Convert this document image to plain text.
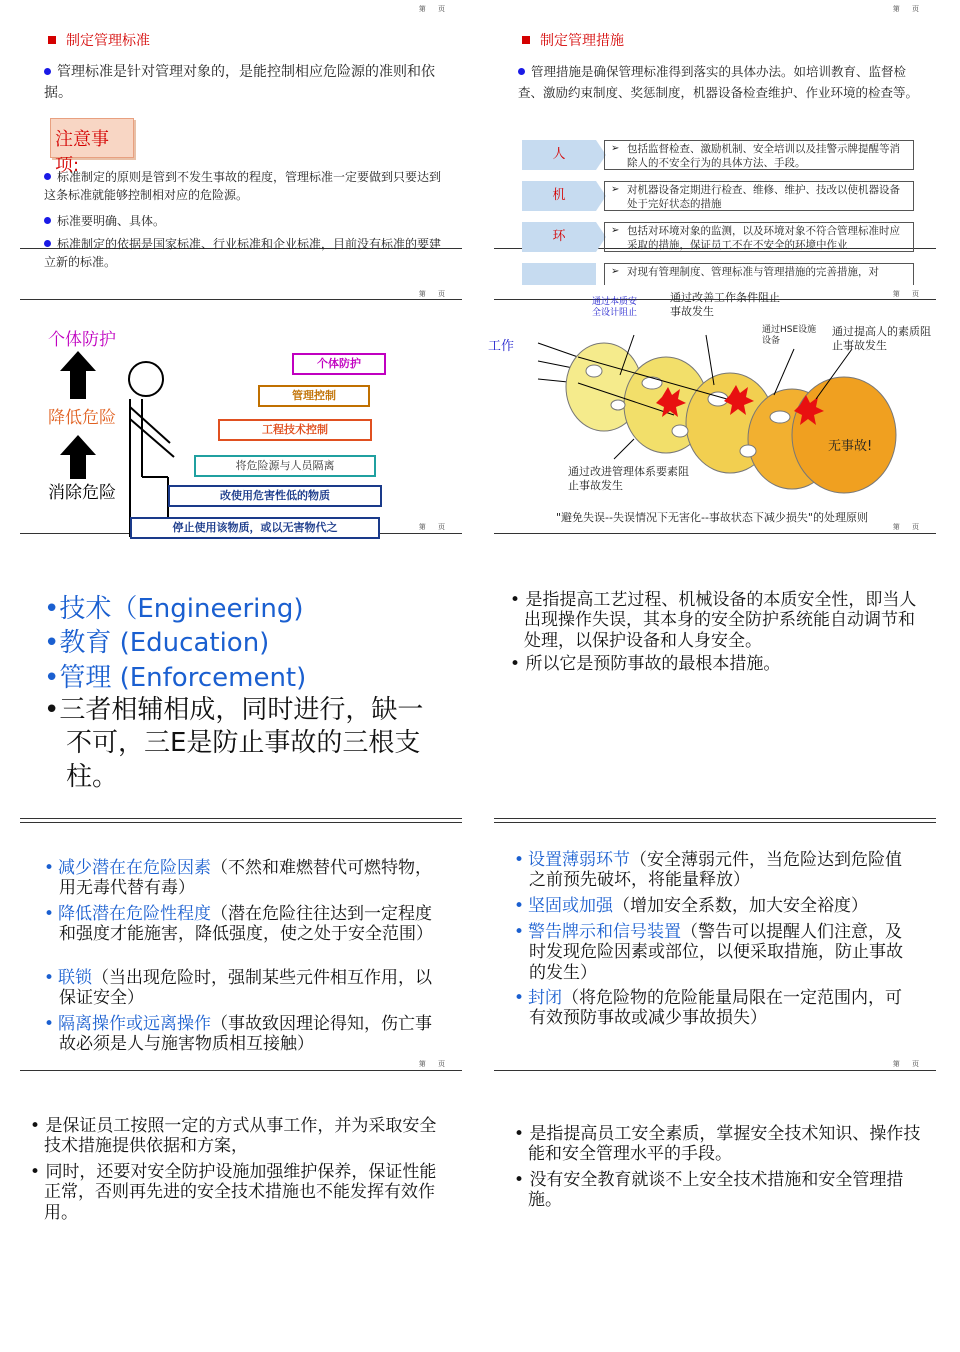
第 页
制定管理标准
管理标准是针对管理对象的，是能控制相应危险源的准则和依据。
注意事项:
标准制定的原则是管到不发生事故的程度，管理标准一定要做到只要达到这条标准就能够控制相对应的危险源。
标准要明确、具体。
标准制定的依据是国家标准、行业标准和企业标准，目前没有标准的要建立新的标准。
第 页
制定管理措施
管理措施是确保管理标准得到落实的具体办法。如培训教育、监督检查、激励约束制度、奖惩制度，机器设备检查维护、作业环境的检查等。
人	➢ 包括监督检查、激励机制、安全培训以及挂警示牌提醒等消除人的不安全行为的具体方法、手段。
机	➢ 对机器设备定期进行检查、维修、维护、技改以使机器设备处于完好状态的措施
环	➢ 包括对环境对象的监测，以及环境对象不符合管理标准时应采取的措施，保证员工不在不安全的环境中作业
➢ 对现有管理制度、管理标准与管理措施的完善措施，对
第 页
第 页
个体防护
降低危险
消除危险
个体防护
管理控制
工程技术控制
将危险源与人员隔离
改使用危害性低的物质
停止使用该物质，或以无害物代之
第 页
第 页
工作
通过本质安全设计阻止
通过改善工作条件阻止事故发生
通过HSE设施设备
通过提高人的素质阻止事故发生
无事故!
通过改进管理体系要素阻止事故发生
"避免失误--失误情况下无害化--事故状态下减少损失"的处理原则
•技术（Engineering)
•教育 (Education)
•管理 (Enforcement)
•三者相辅相成，同时进行，缺一
不可，三E是防止事故的三根支柱。
• 是指提高工艺过程、机械设备的本质安全性，即当人出现操作失误，其本身的安全防护系统能自动调节和处理，以保护设备和人身安全。
• 所以它是预防事故的最根本措施。
第 页
• 减少潜在在危险因素（不然和难燃替代可燃特物，用无毒代替有毒）
• 降低潜在危险性程度（潜在危险往往达到一定程度和强度才能施害，降低强度，使之处于安全范围）
• 联锁（当出现危险时，强制某些元件相互作用，以保证安全）
• 隔离操作或远离操作（事故致因理论得知，伤亡事故必须是人与施害物质相互接触）
第 页
• 设置薄弱环节（安全薄弱元件，当危险达到危险值之前预先破坏，将能量释放）
• 坚固或加强（增加安全系数，加大安全裕度）
• 警告牌示和信号装置（警告可以提醒人们注意，及时发现危险因素或部位，以便采取措施，防止事故的发生）
• 封闭（将危险物的危险能量局限在一定范围内，可有效预防事故或减少事故损失）
• 是保证员工按照一定的方式从事工作，并为采取安全技术措施提供依据和方案，
• 同时，还要对安全防护设施加强维护保养，保证性能正常，否则再先进的安全技术措施也不能发挥有效作用。
• 是指提高员工安全素质，掌握安全技术知识、操作技能和安全管理水平的手段。
• 没有安全教育就谈不上安全技术措施和安全管理措施。
